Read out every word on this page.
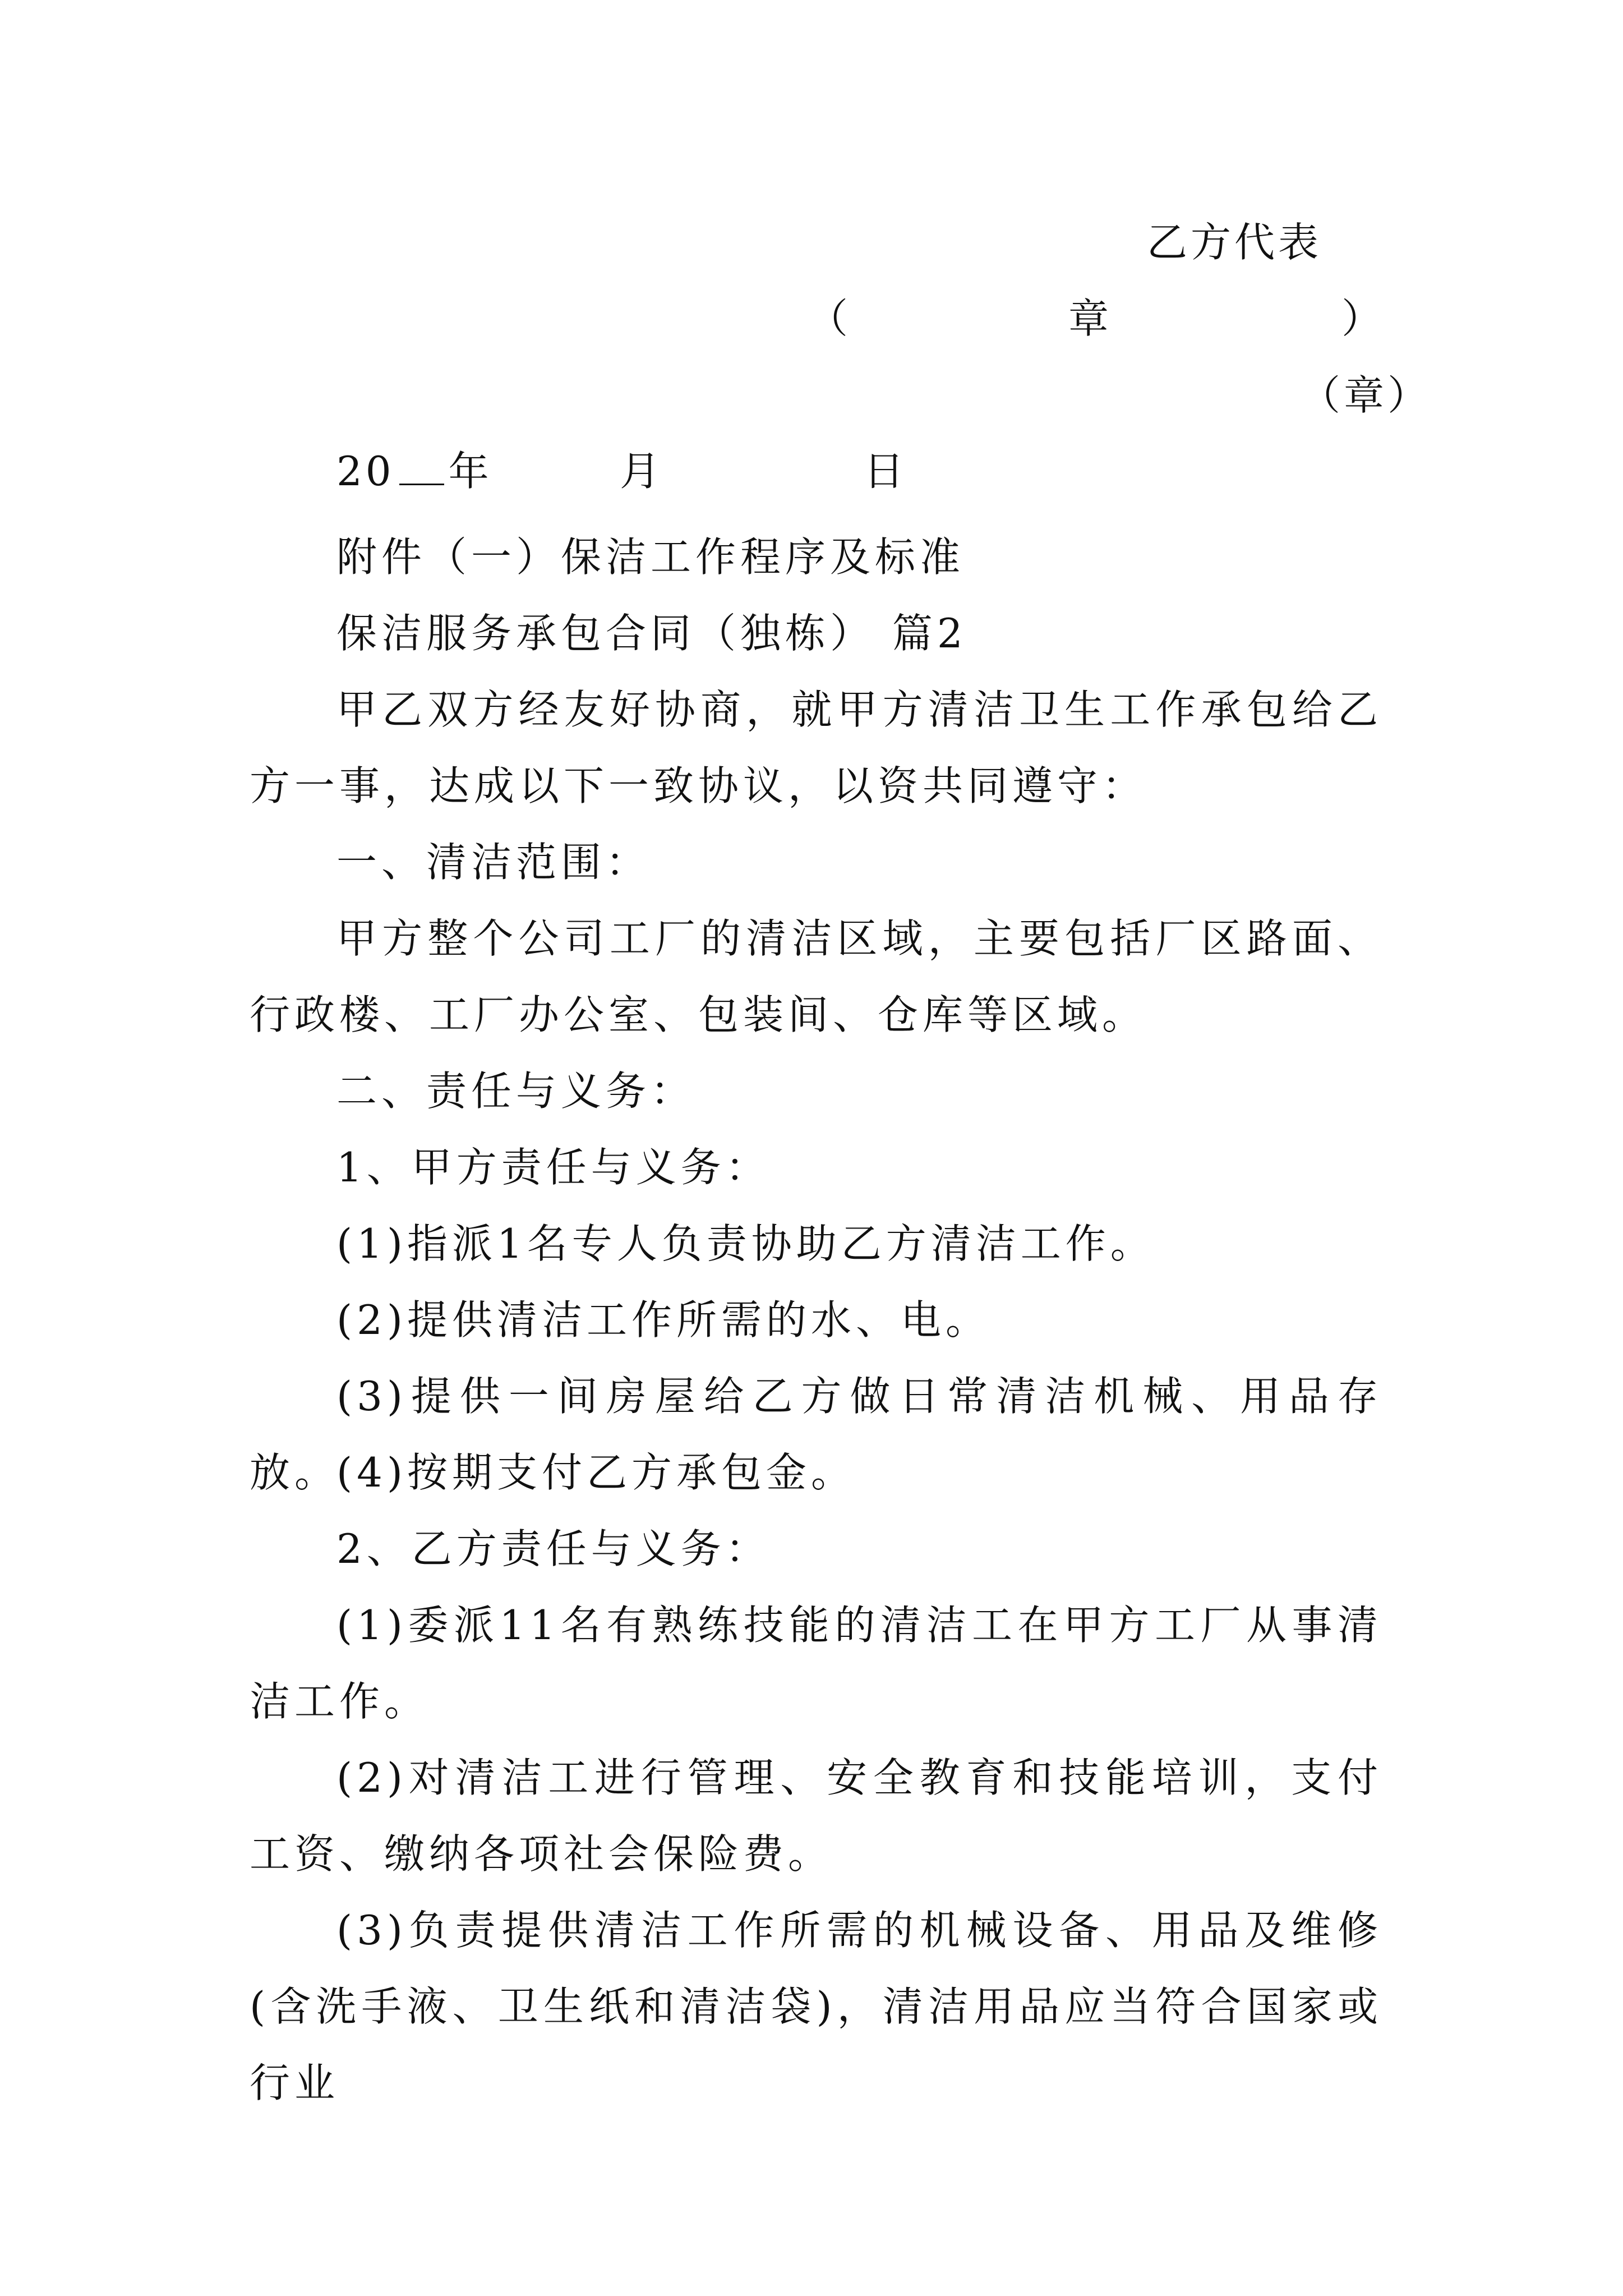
乙方代表
（	章	）
（章）
20 年	月	日
附件（一）保洁工作程序及标准
保洁服务承包合同（独栋） 篇2
甲乙双方经友好协商，就甲方清洁卫生工作承包给乙方一事，达成以下一致协议，以资共同遵守：
一、清洁范围：
甲方整个公司工厂的清洁区域，主要包括厂区路面、行政楼、工厂办公室、包装间、仓库等区域。
二、责任与义务：
1、甲方责任与义务：
(1)指派1名专人负责协助乙方清洁工作。
(2)提供清洁工作所需的水、电。
(3)提供一间房屋给乙方做日常清洁机械、用品存放。
(4)按期支付乙方承包金。
2、乙方责任与义务：
(1)委派11名有熟练技能的清洁工在甲方工厂从事清洁工作。
(2)对清洁工进行管理、安全教育和技能培训，支付工资、缴纳各项社会保险费。
(3)负责提供清洁工作所需的机械设备、用品及维修(含洗手液、卫生纸和清洁袋)，清洁用品应当符合国家或行业
